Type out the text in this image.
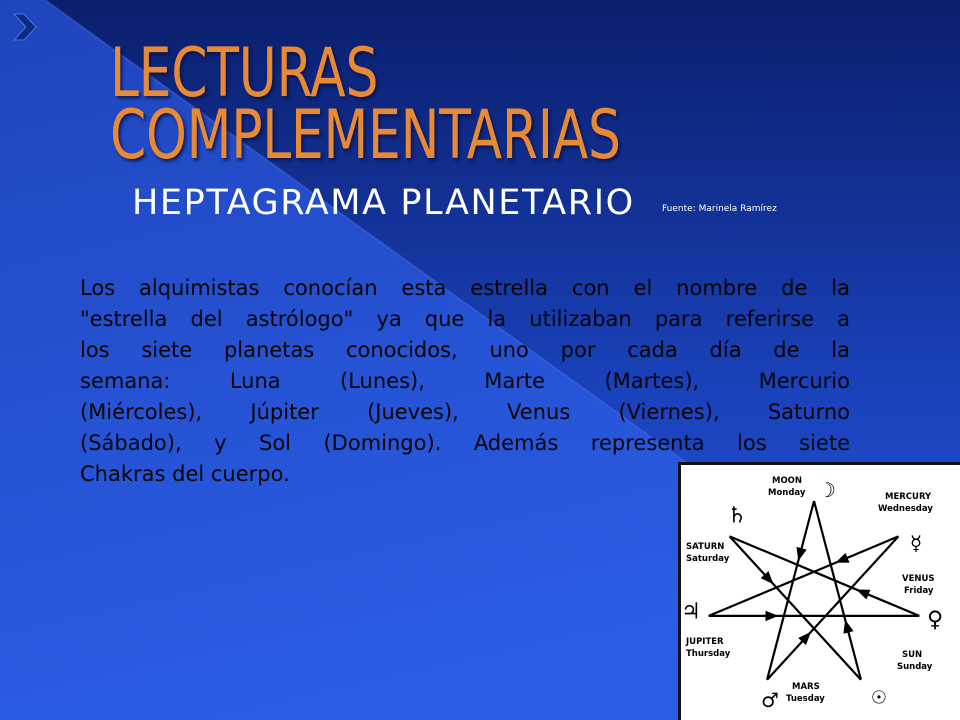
LECTURAS
COMPLEMENTARIAS
HEPTAGRAMA PLANETARIO	Fuente: Marinela Ramírez
Los alquimistas conocían esta estrella con el nombre de la
"estrella del astrólogo" ya que la utilizaban para referirse a
los siete planetas conocidos, uno por cada día de la
semana: Luna (Lunes), Marte (Martes), Mercurio
(Miércoles), Júpiter (Jueves), Venus (Viernes), Saturno
(Sábado), y Sol (Domingo). Además representa los siete
Chakras del cuerpo.	MOON
Monday ☽	MERCURY
Wednesday
☿
VENUS
Friday
♀
SUN
Sunday
☉
MARS
Tuesday
♂
JUPITER
Thursday
♃
SATURN
Saturday
♄
